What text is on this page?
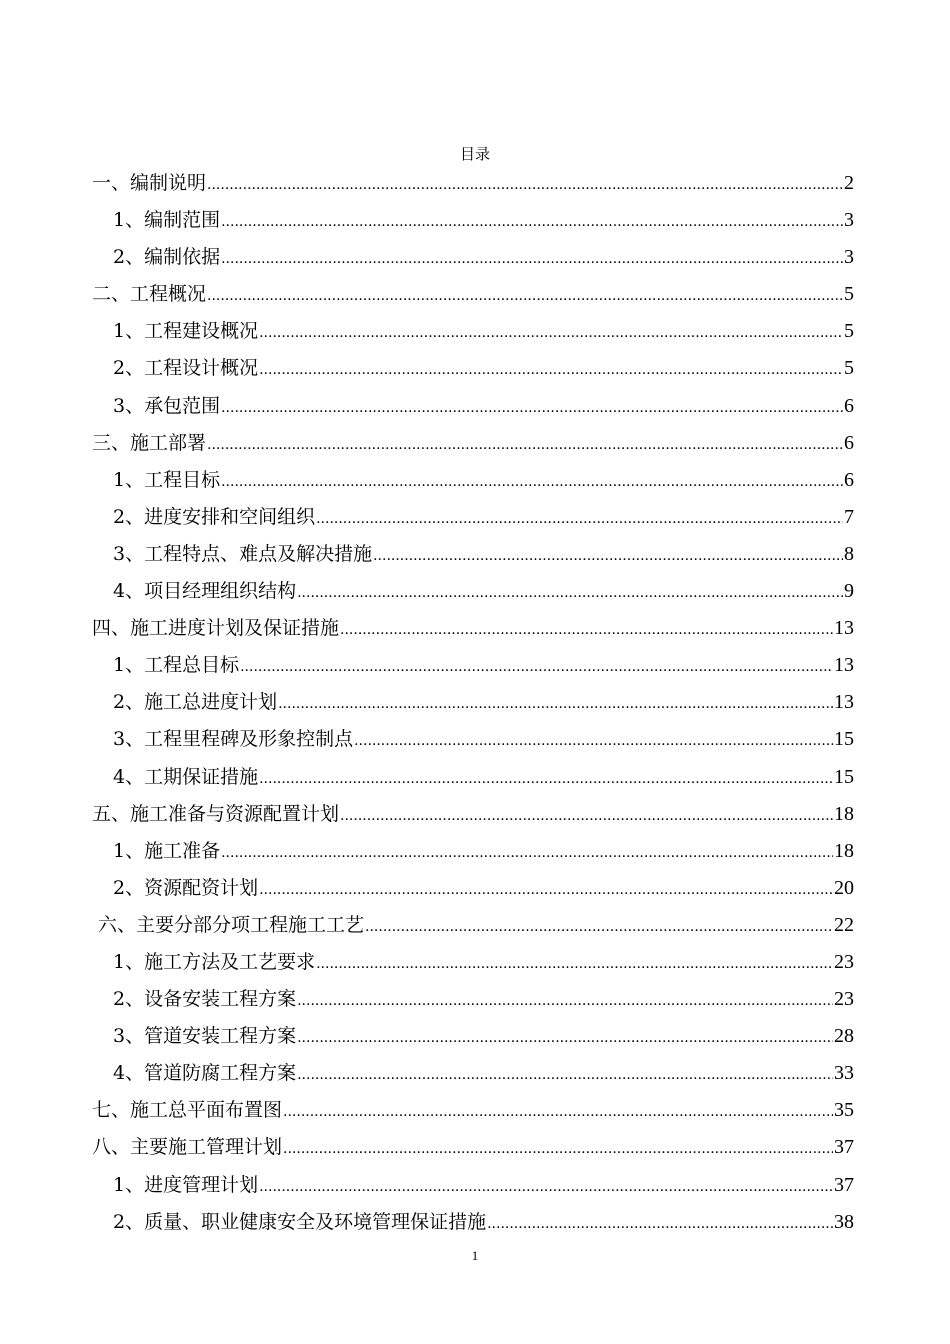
目录
一、编制说明 .....	2
1、编制范围 .....	3
2、编制依据 .....	3
二、工程概况 .....	5
1、工程建设概况 .....	5
2、工程设计概况 .....	5
3、承包范围 .....	6
三、施工部署 .....	6
1、工程目标 .....	6
2、进度安排和空间组织 .....	7
3、工程特点、难点及解决措施 .....	8
4、项目经理组织结构 .....	9
四、施工进度计划及保证措施 .....	13
1、工程总目标 .....	13
2、施工总进度计划 .....	13
3、工程里程碑及形象控制点 .....	15
4、工期保证措施 .....	15
五、施工准备与资源配置计划 .....	18
1、施工准备 .....	18
2、资源配资计划 .....	20
六、主要分部分项工程施工工艺 .....	22
1、施工方法及工艺要求 .....	23
2、设备安装工程方案 .....	23
3、管道安装工程方案 .....	28
4、管道防腐工程方案 .....	33
七、施工总平面布置图 .....	35
八、主要施工管理计划 .....	37
1、进度管理计划 .....	37
2、质量、职业健康安全及环境管理保证措施 .....	38
1
